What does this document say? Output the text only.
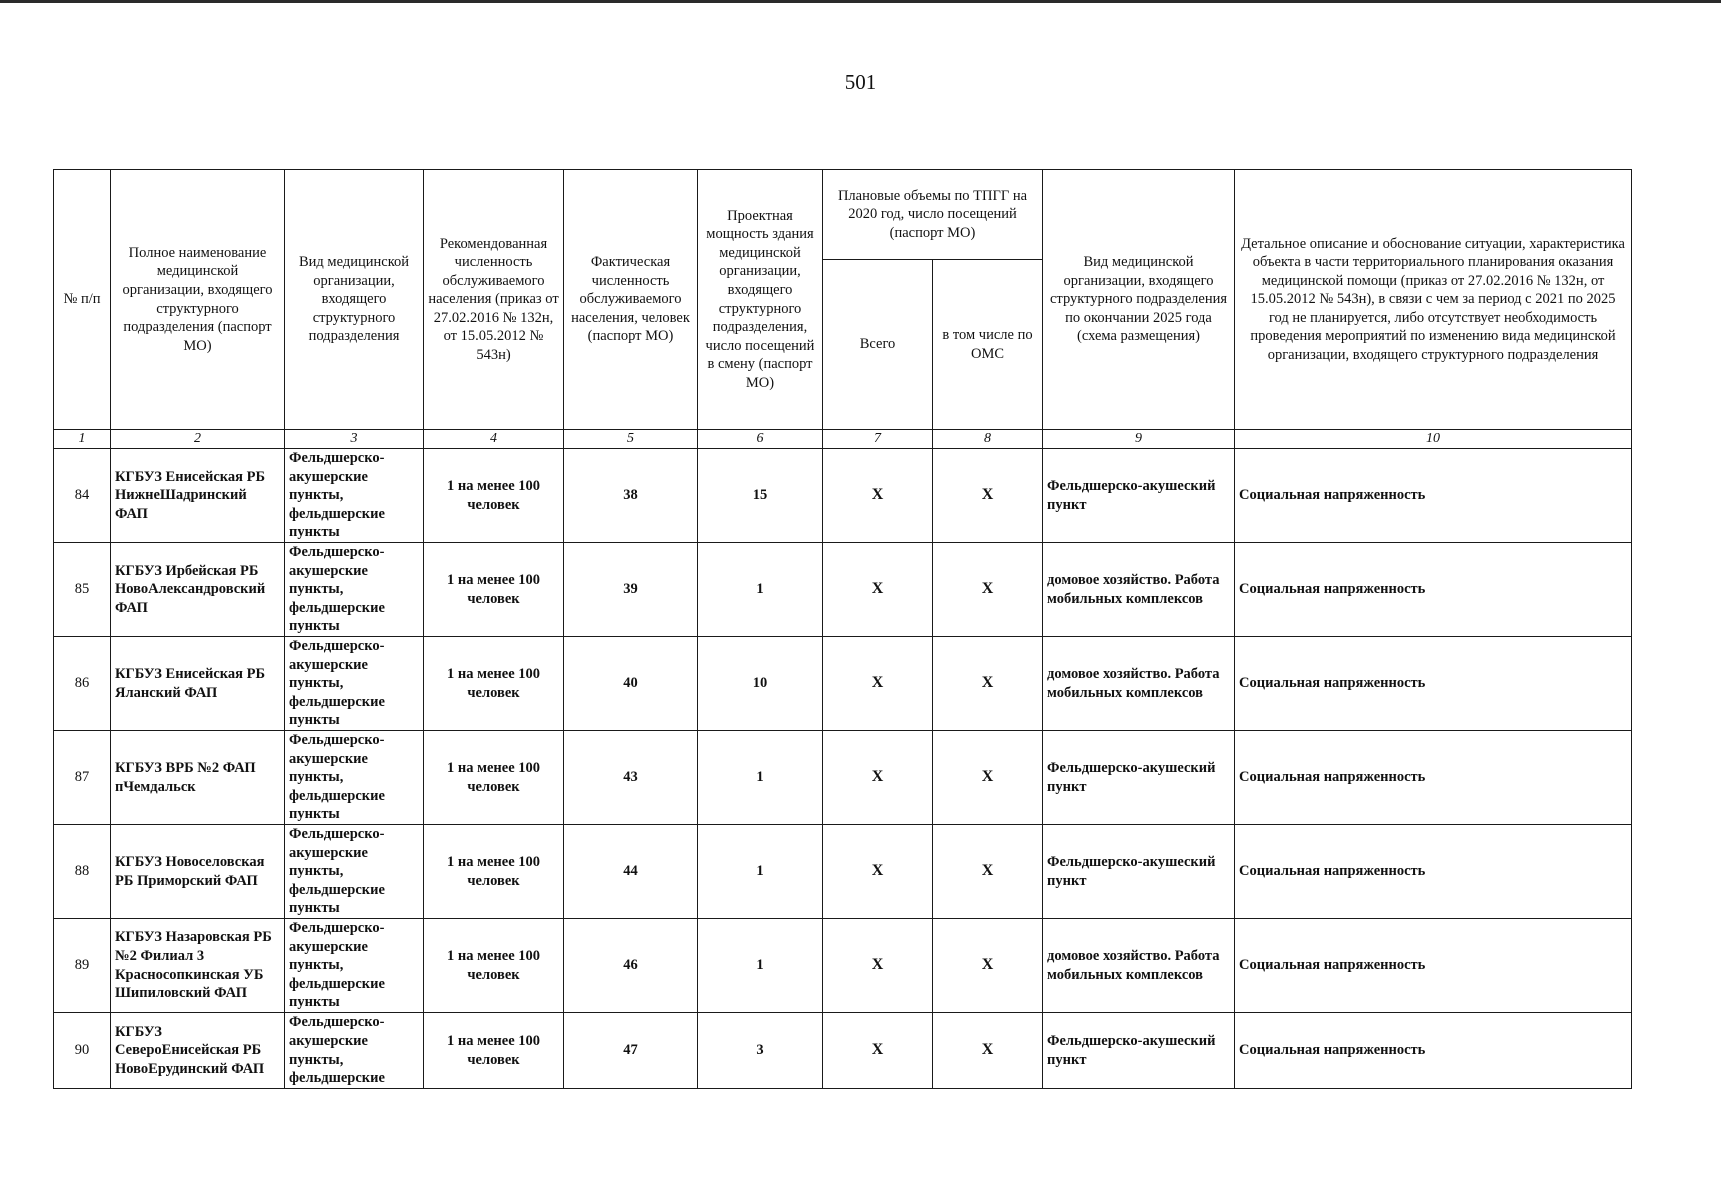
501
№ п/п	Полное наименование медицинской организации, входящего структурного подразделения (паспорт МО)	Вид медицинской организации, входящего структурного подразделения	Рекомендованная численность обслуживаемого населения (приказ от 27.02.2016 № 132н, от 15.05.2012 № 543н)	Фактическая численность обслуживаемого населения, человек (паспорт МО)	Проектная мощность здания медицинской организации, входящего структурного подразделения, число посещений в смену (паспорт МО)	Плановые объемы по ТПГГ на 2020 год, число посещений (паспорт МО)		Вид медицинской организации, входящего структурного подразделения по окончании 2025 года (схема размещения)	Детальное описание и обоснование ситуации, характеристика объекта в части территориального планирования оказания медицинской помощи (приказ от 27.02.2016 № 132н, от 15.05.2012 № 543н), в связи с чем за период с 2021 по 2025 год не планируется, либо отсутствует необходимость проведения мероприятий по изменению вида медицинской организации, входящего структурного подразделения
						Всего	в том числе по ОМС		
1	2	3	4	5	6	7	8	9	10
84	КГБУЗ Енисейская РБ НижнеШадринский ФАП	Фельдшерско-акушерские пункты, фельдшерские пункты	1 на менее 100 человек	38	15	X	X	Фельдшерско-акушеский пункт	Социальная напряженность
85	КГБУЗ Ирбейская РБ НовоАлександровский ФАП	Фельдшерско-акушерские пункты, фельдшерские пункты	1 на менее 100 человек	39	1	X	X	домовое хозяйство. Работа мобильных комплексов	Социальная напряженность
86	КГБУЗ Енисейская РБ Яланский ФАП	Фельдшерско-акушерские пункты, фельдшерские пункты	1 на менее 100 человек	40	10	X	X	домовое хозяйство. Работа мобильных комплексов	Социальная напряженность
87	КГБУЗ ВРБ №2 ФАП пЧемдальск	Фельдшерско-акушерские пункты, фельдшерские пункты	1 на менее 100 человек	43	1	X	X	Фельдшерско-акушеский пункт	Социальная напряженность
88	КГБУЗ Новоселовская РБ Приморский ФАП	Фельдшерско-акушерские пункты, фельдшерские пункты	1 на менее 100 человек	44	1	X	X	Фельдшерско-акушеский пункт	Социальная напряженность
89	КГБУЗ Назаровская РБ №2 Филиал 3 Красносопкинская УБ Шипиловский ФАП	Фельдшерско-акушерские пункты, фельдшерские пункты	1 на менее 100 человек	46	1	X	X	домовое хозяйство. Работа мобильных комплексов	Социальная напряженность
90	КГБУЗ СевероЕнисейская РБ НовоЕрудинский ФАП	Фельдшерско-акушерские пункты, фельдшерские	1 на менее 100 человек	47	3	X	X	Фельдшерско-акушеский пункт	Социальная напряженность
